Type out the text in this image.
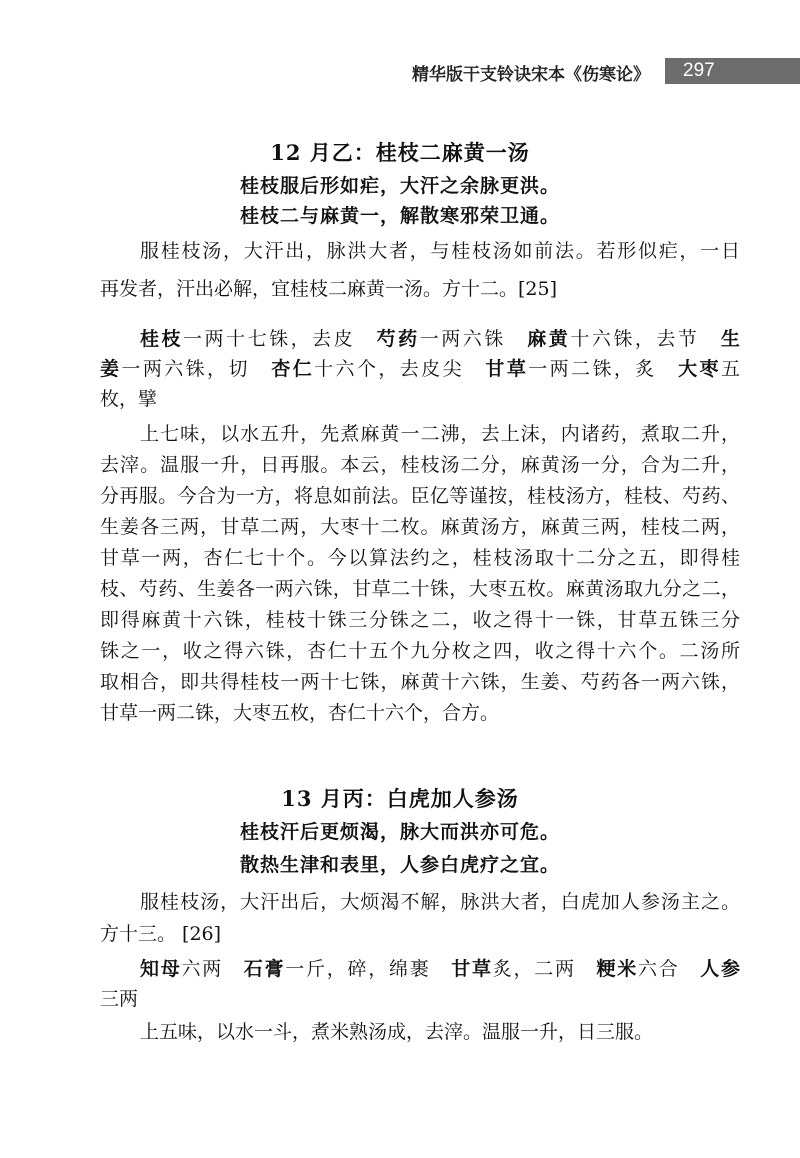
精华版干支铃诀宋本《伤寒论》 297
12 月乙：桂枝二麻黄一汤
桂枝服后形如疟，大汗之余脉更洪。
桂枝二与麻黄一，解散寒邪荣卫通。
服桂枝汤，大汗出，脉洪大者，与桂枝汤如前法。若形似疟，一日
再发者，汗出必解，宜桂枝二麻黄一汤。方十二。[25]
桂枝一两十七铢，去皮　芍药一两六铢　麻黄十六铢，去节　生
姜一两六铢，切　杏仁十六个，去皮尖　甘草一两二铢，炙　大枣五
枚，擘
上七味，以水五升，先煮麻黄一二沸，去上沫，内诸药，煮取二升，
去滓。温服一升，日再服。本云，桂枝汤二分，麻黄汤一分，合为二升，
分再服。今合为一方，将息如前法。臣亿等谨按，桂枝汤方，桂枝、芍药、
生姜各三两，甘草二两，大枣十二枚。麻黄汤方，麻黄三两，桂枝二两，
甘草一两，杏仁七十个。今以算法约之，桂枝汤取十二分之五，即得桂
枝、芍药、生姜各一两六铢，甘草二十铢，大枣五枚。麻黄汤取九分之二，
即得麻黄十六铢，桂枝十铢三分铢之二，收之得十一铢，甘草五铢三分
铢之一，收之得六铢，杏仁十五个九分枚之四，收之得十六个。二汤所
取相合，即共得桂枝一两十七铢，麻黄十六铢，生姜、芍药各一两六铢，
甘草一两二铢，大枣五枚，杏仁十六个，合方。
13 月丙：白虎加人参汤
桂枝汗后更烦渴，脉大而洪亦可危。
散热生津和表里，人参白虎疗之宜。
服桂枝汤，大汗出后，大烦渴不解，脉洪大者，白虎加人参汤主之。
方十三。 [26]
知母六两　石膏一斤，碎，绵裹　甘草炙，二两　粳米六合　人参
三两
上五味，以水一斗，煮米熟汤成，去滓。温服一升，日三服。
